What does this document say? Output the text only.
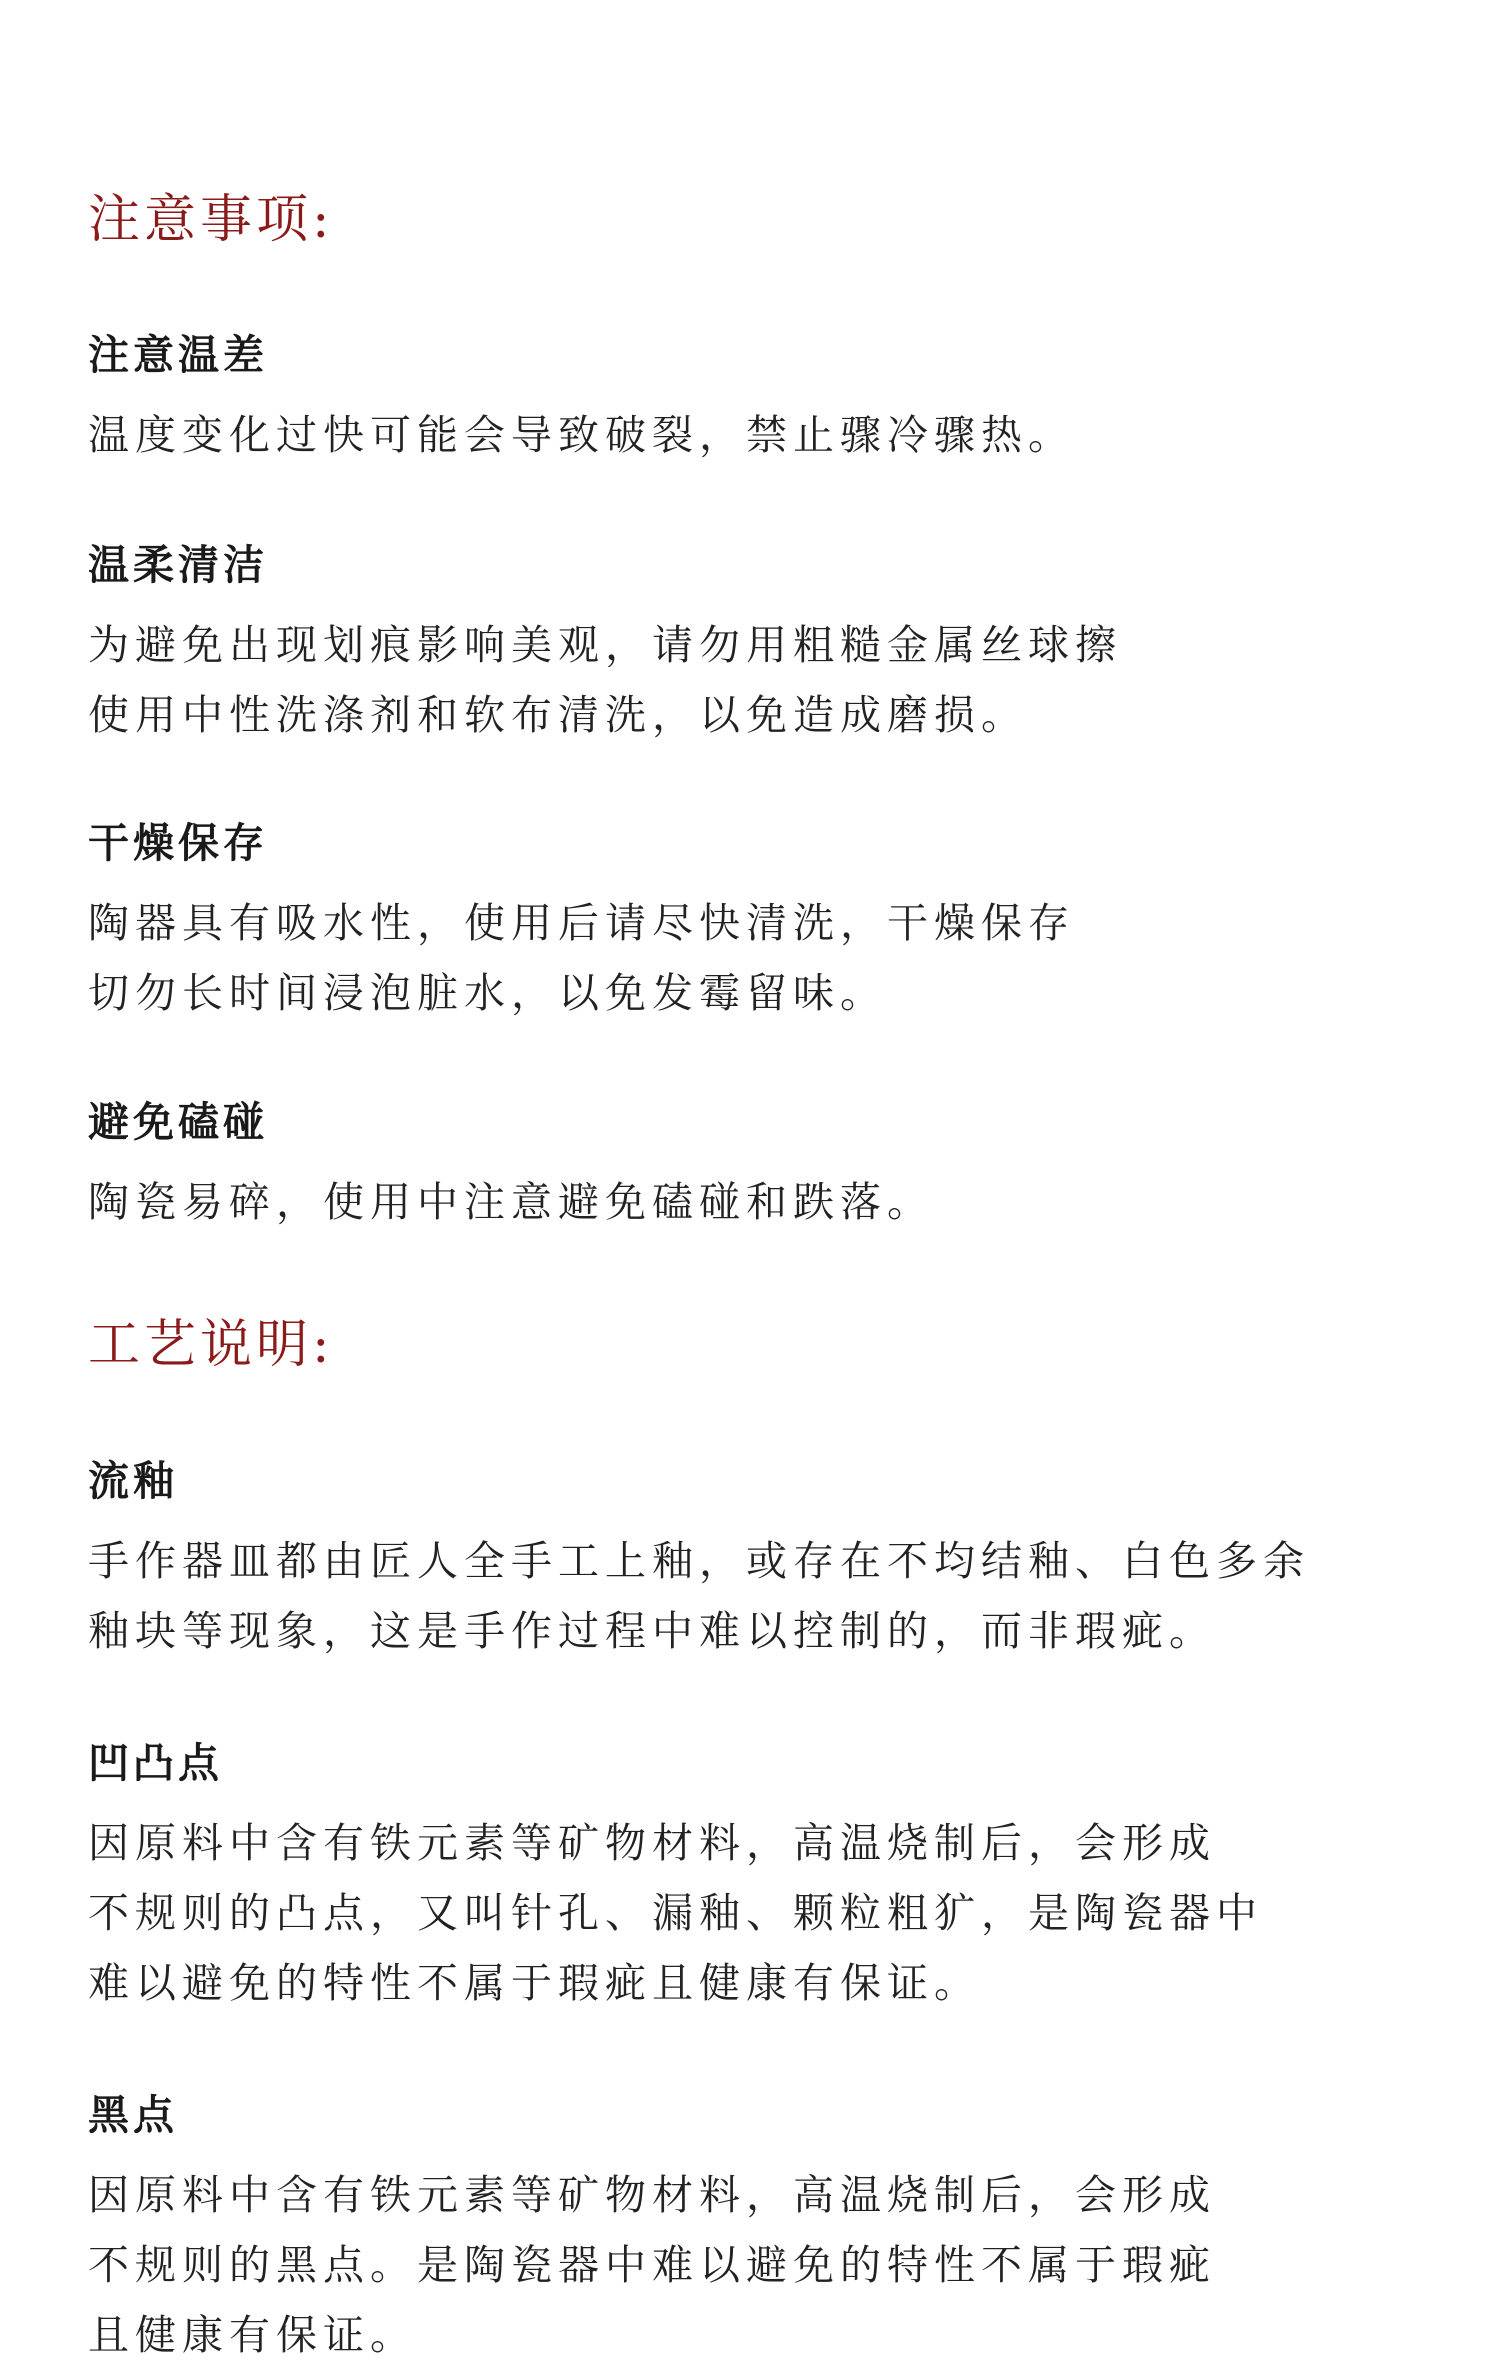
注意事项:

注意温差

温度变化过快可能会导致破裂，禁止骤冷骤热。

温柔清洁

为避免出现划痕影响美观，请勿用粗糙金属丝球擦

使用中性洗涤剂和软布清洗，以免造成磨损。

干燥保存

陶器具有吸水性，使用后请尽快清洗，干燥保存

切勿长时间浸泡脏水，以免发霉留味。

避免磕碰

陶瓷易碎，使用中注意避免磕碰和跌落。

工艺说明:

流釉

手作器皿都由匠人全手工上釉，或存在不均结釉、白色多余

釉块等现象，这是手作过程中难以控制的，而非瑕疵。

凹凸点

因原料中含有铁元素等矿物材料，高温烧制后，会形成

不规则的凸点，又叫针孔、漏釉、颗粒粗犷，是陶瓷器中

难以避免的特性不属于瑕疵且健康有保证。

黑点

因原料中含有铁元素等矿物材料，高温烧制后，会形成

不规则的黑点。是陶瓷器中难以避免的特性不属于瑕疵

且健康有保证。
